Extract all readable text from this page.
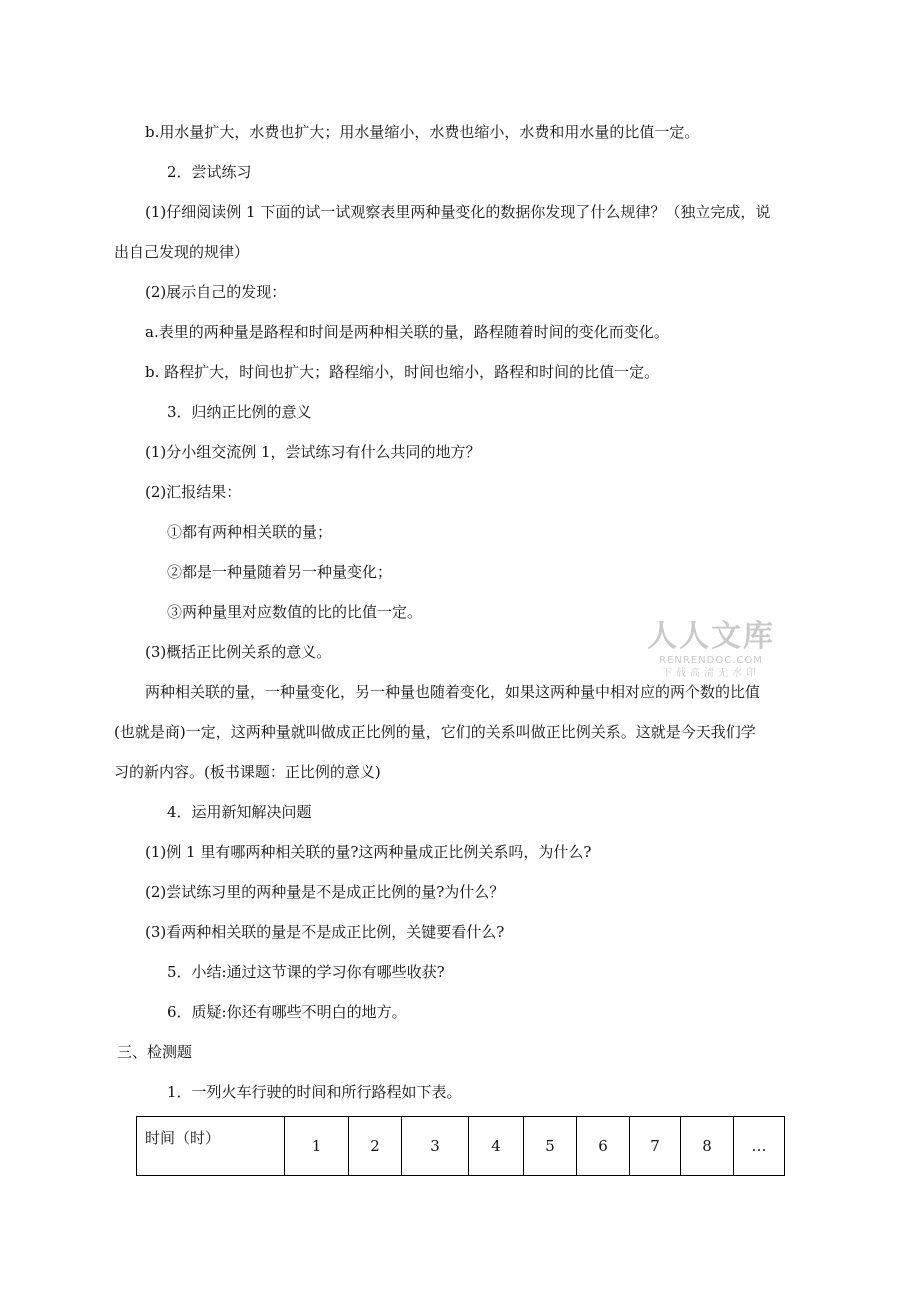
b.用水量扩大，水费也扩大；用水量缩小，水费也缩小，水费和用水量的比值一定。
2．尝试练习
(1)仔细阅读例 1 下面的试一试观察表里两种量变化的数据你发现了什么规律？（独立完成，说
出自己发现的规律）
(2)展示自己的发现：
a.表里的两种量是路程和时间是两种相关联的量，路程随着时间的变化而变化。
b. 路程扩大，时间也扩大；路程缩小，时间也缩小，路程和时间的比值一定。
3．归纳正比例的意义
(1)分小组交流例 1，尝试练习有什么共同的地方？
(2)汇报结果：
①都有两种相关联的量；
②都是一种量随着另一种量变化；
③两种量里对应数值的比的比值一定。
(3)概括正比例关系的意义。
两种相关联的量，一种量变化，另一种量也随着变化，如果这两种量中相对应的两个数的比值
(也就是商)一定，这两种量就叫做成正比例的量，它们的关系叫做正比例关系。这就是今天我们学
习的新内容。(板书课题：正比例的意义)
4．运用新知解决问题
(1)例 1 里有哪两种相关联的量?这两种量成正比例关系吗，为什么?
(2)尝试练习里的两种量是不是成正比例的量?为什么？
(3)看两种相关联的量是不是成正比例，关键要看什么?
5．小结:通过这节课的学习你有哪些收获?
6．质疑:你还有哪些不明白的地方。
三、检测题
1．一列火车行驶的时间和所行路程如下表。
人人文库
RENRENDOC.COM
下载高清无水印
时间（时）	1	2	3	4	5	6	7	8	…
